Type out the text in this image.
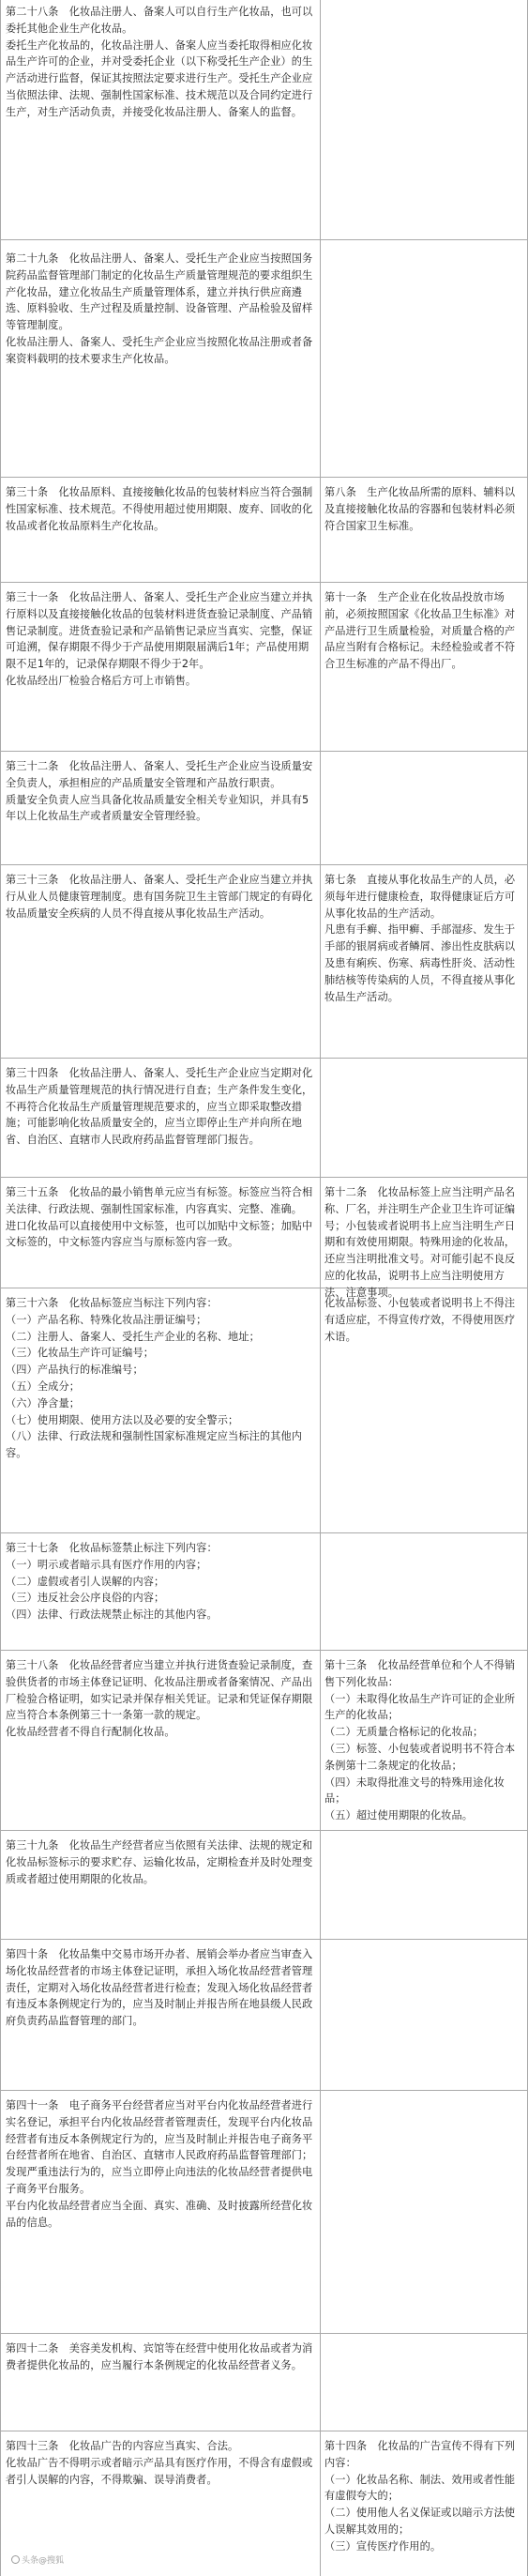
第二十八条　化妆品注册人、备案人可以自行生产化妆品，也可以委托其他企业生产化妆品。
委托生产化妆品的，化妆品注册人、备案人应当委托取得相应化妆品生产许可的企业，并对受委托企业（以下称受托生产企业）的生产活动进行监督，保证其按照法定要求进行生产。受托生产企业应当依照法律、法规、强制性国家标准、技术规范以及合同约定进行生产，对生产活动负责，并接受化妆品注册人、备案人的监督。
第二十九条　化妆品注册人、备案人、受托生产企业应当按照国务院药品监督管理部门制定的化妆品生产质量管理规范的要求组织生产化妆品，建立化妆品生产质量管理体系，建立并执行供应商遴选、原料验收、生产过程及质量控制、设备管理、产品检验及留样等管理制度。
化妆品注册人、备案人、受托生产企业应当按照化妆品注册或者备案资料载明的技术要求生产化妆品。
第三十条　化妆品原料、直接接触化妆品的包装材料应当符合强制性国家标准、技术规范。不得使用超过使用期限、废弃、回收的化妆品或者化妆品原料生产化妆品。
第八条　生产化妆品所需的原料、辅料以及直接接触化妆品的容器和包装材料必须符合国家卫生标准。
第三十一条　化妆品注册人、备案人、受托生产企业应当建立并执行原料以及直接接触化妆品的包装材料进货查验记录制度、产品销售记录制度。进货查验记录和产品销售记录应当真实、完整，保证可追溯，保存期限不得少于产品使用期限届满后1年；产品使用期限不足1年的，记录保存期限不得少于2年。
化妆品经出厂检验合格后方可上市销售。
第十一条　生产企业在化妆品投放市场前，必须按照国家《化妆品卫生标准》对产品进行卫生质量检验，对质量合格的产品应当附有合格标记。未经检验或者不符合卫生标准的产品不得出厂。
第三十二条　化妆品注册人、备案人、受托生产企业应当设质量安全负责人，承担相应的产品质量安全管理和产品放行职责。
质量安全负责人应当具备化妆品质量安全相关专业知识，并具有5年以上化妆品生产或者质量安全管理经验。
第三十三条　化妆品注册人、备案人、受托生产企业应当建立并执行从业人员健康管理制度。患有国务院卫生主管部门规定的有碍化妆品质量安全疾病的人员不得直接从事化妆品生产活动。
第七条　直接从事化妆品生产的人员，必须每年进行健康检查，取得健康证后方可从事化妆品的生产活动。
凡患有手癣、指甲癣、手部湿疹、发生于手部的银屑病或者鳞屑、渗出性皮肤病以及患有痢疾、伤寒、病毒性肝炎、活动性肺结核等传染病的人员，不得直接从事化妆品生产活动。
第三十四条　化妆品注册人、备案人、受托生产企业应当定期对化妆品生产质量管理规范的执行情况进行自查；生产条件发生变化，不再符合化妆品生产质量管理规范要求的，应当立即采取整改措施；可能影响化妆品质量安全的，应当立即停止生产并向所在地省、自治区、直辖市人民政府药品监督管理部门报告。
第三十五条　化妆品的最小销售单元应当有标签。标签应当符合相关法律、行政法规、强制性国家标准，内容真实、完整、准确。
进口化妆品可以直接使用中文标签，也可以加贴中文标签；加贴中文标签的，中文标签内容应当与原标签内容一致。
第十二条　化妆品标签上应当注明产品名称、厂名，并注明生产企业卫生许可证编号；小包装或者说明书上应当注明生产日期和有效使用期限。特殊用途的化妆品，还应当注明批准文号。对可能引起不良反应的化妆品，说明书上应当注明使用方法、注意事项。
第三十六条　化妆品标签应当标注下列内容：
（一）产品名称、特殊化妆品注册证编号；
（二）注册人、备案人、受托生产企业的名称、地址；
（三）化妆品生产许可证编号；
（四）产品执行的标准编号；
（五）全成分；
（六）净含量；
（七）使用期限、使用方法以及必要的安全警示；
（八）法律、行政法规和强制性国家标准规定应当标注的其他内容。
化妆品标签、小包装或者说明书上不得注有适应症，不得宣传疗效，不得使用医疗术语。
第三十七条　化妆品标签禁止标注下列内容：
（一）明示或者暗示具有医疗作用的内容；
（二）虚假或者引人误解的内容；
（三）违反社会公序良俗的内容；
（四）法律、行政法规禁止标注的其他内容。
第三十八条　化妆品经营者应当建立并执行进货查验记录制度，查验供货者的市场主体登记证明、化妆品注册或者备案情况、产品出厂检验合格证明，如实记录并保存相关凭证。记录和凭证保存期限应当符合本条例第三十一条第一款的规定。
化妆品经营者不得自行配制化妆品。
第十三条　化妆品经营单位和个人不得销售下列化妆品：
（一）未取得化妆品生产许可证的企业所生产的化妆品；
（二）无质量合格标记的化妆品；
（三）标签、小包装或者说明书不符合本条例第十二条规定的化妆品；
（四）未取得批准文号的特殊用途化妆品；
（五）超过使用期限的化妆品。
第三十九条　化妆品生产经营者应当依照有关法律、法规的规定和化妆品标签标示的要求贮存、运输化妆品，定期检查并及时处理变质或者超过使用期限的化妆品。
第四十条　化妆品集中交易市场开办者、展销会举办者应当审查入场化妆品经营者的市场主体登记证明，承担入场化妆品经营者管理责任，定期对入场化妆品经营者进行检查；发现入场化妆品经营者有违反本条例规定行为的，应当及时制止并报告所在地县级人民政府负责药品监督管理的部门。
第四十一条　电子商务平台经营者应当对平台内化妆品经营者进行实名登记，承担平台内化妆品经营者管理责任，发现平台内化妆品经营者有违反本条例规定行为的，应当及时制止并报告电子商务平台经营者所在地省、自治区、直辖市人民政府药品监督管理部门；发现严重违法行为的，应当立即停止向违法的化妆品经营者提供电子商务平台服务。
平台内化妆品经营者应当全面、真实、准确、及时披露所经营化妆品的信息。
第四十二条　美容美发机构、宾馆等在经营中使用化妆品或者为消费者提供化妆品的，应当履行本条例规定的化妆品经营者义务。
第四十三条　化妆品广告的内容应当真实、合法。
化妆品广告不得明示或者暗示产品具有医疗作用，不得含有虚假或者引人误解的内容，不得欺骗、误导消费者。
第十四条　化妆品的广告宣传不得有下列内容：
（一）化妆品名称、制法、效用或者性能有虚假夸大的；
（二）使用他人名义保证或以暗示方法使人误解其效用的；
（三）宣传医疗作用的。
头条@搜狐
